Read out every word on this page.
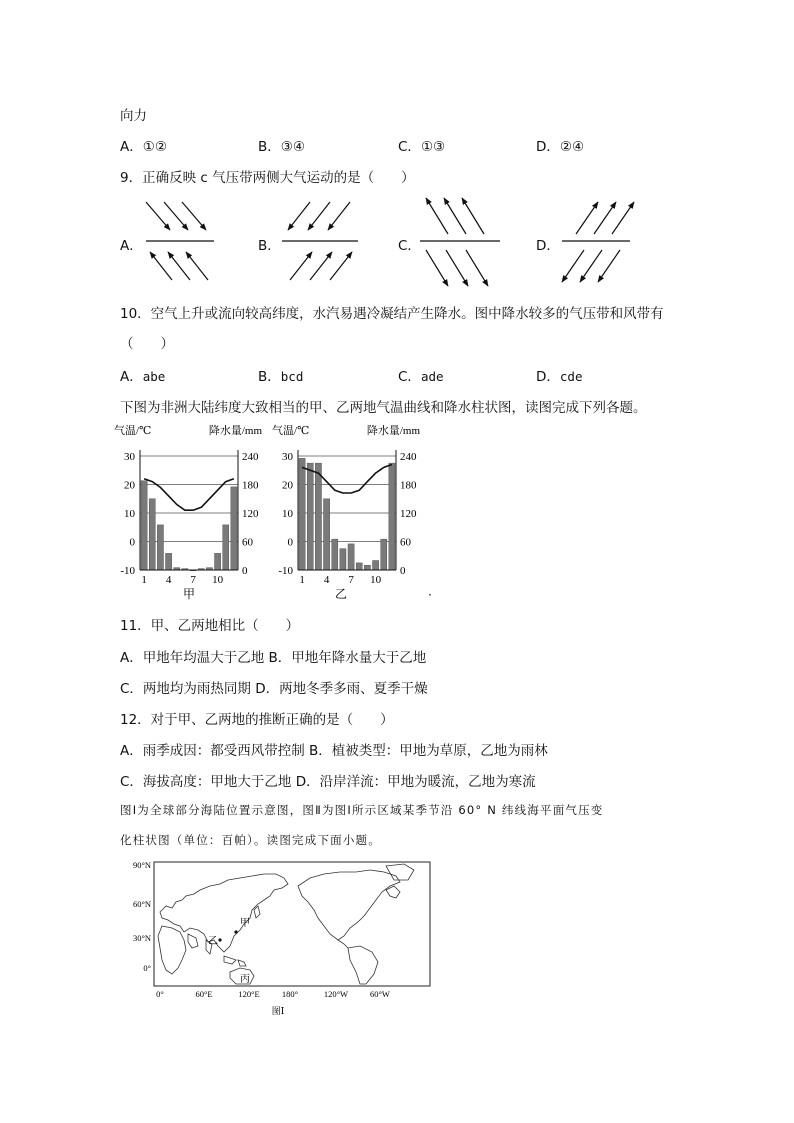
向力
A．①②	B．③④	C．①③	D．②④
9．正确反映 c 气压带两侧大气运动的是（　　）
A．	B．	C．	D．
10．空气上升或流向较高纬度，水汽易遇冷凝结产生降水。图中降水较多的气压带和风带有
（　　）
A．abe	B．bcd	C．ade	D．cde
下图为非洲大陆纬度大致相当的甲、乙两地气温曲线和降水柱状图，读图完成下列各题。
气温/℃	降水量/mm
30
20
10
0
-10
240
180
120
60
0
1 4 7 10
甲
气温/℃	降水量/mm
30
20
10
0
-10
240
180
120
60
0
1 4 7 10
乙	·
11．甲、乙两地相比（　　）
A．甲地年均温大于乙地 B．甲地年降水量大于乙地
C．两地均为雨热同期 D．两地冬季多雨、夏季干燥
12．对于甲、乙两地的推断正确的是（　　）
A．雨季成因：都受西风带控制 B．植被类型：甲地为草原，乙地为雨林
C．海拔高度：甲地大于乙地 D．沿岸洋流：甲地为暖流，乙地为寒流
图Ⅰ为全球部分海陆位置示意图，图Ⅱ为图Ⅰ所示区域某季节沿 60° N 纬线海平面气压变
化柱状图（单位：百帕）。读图完成下面小题。
90°N
60°N
30°N
0°
0°	60°E	120°E	180°	120°W	60°W
甲
乙
丙
图Ⅰ
